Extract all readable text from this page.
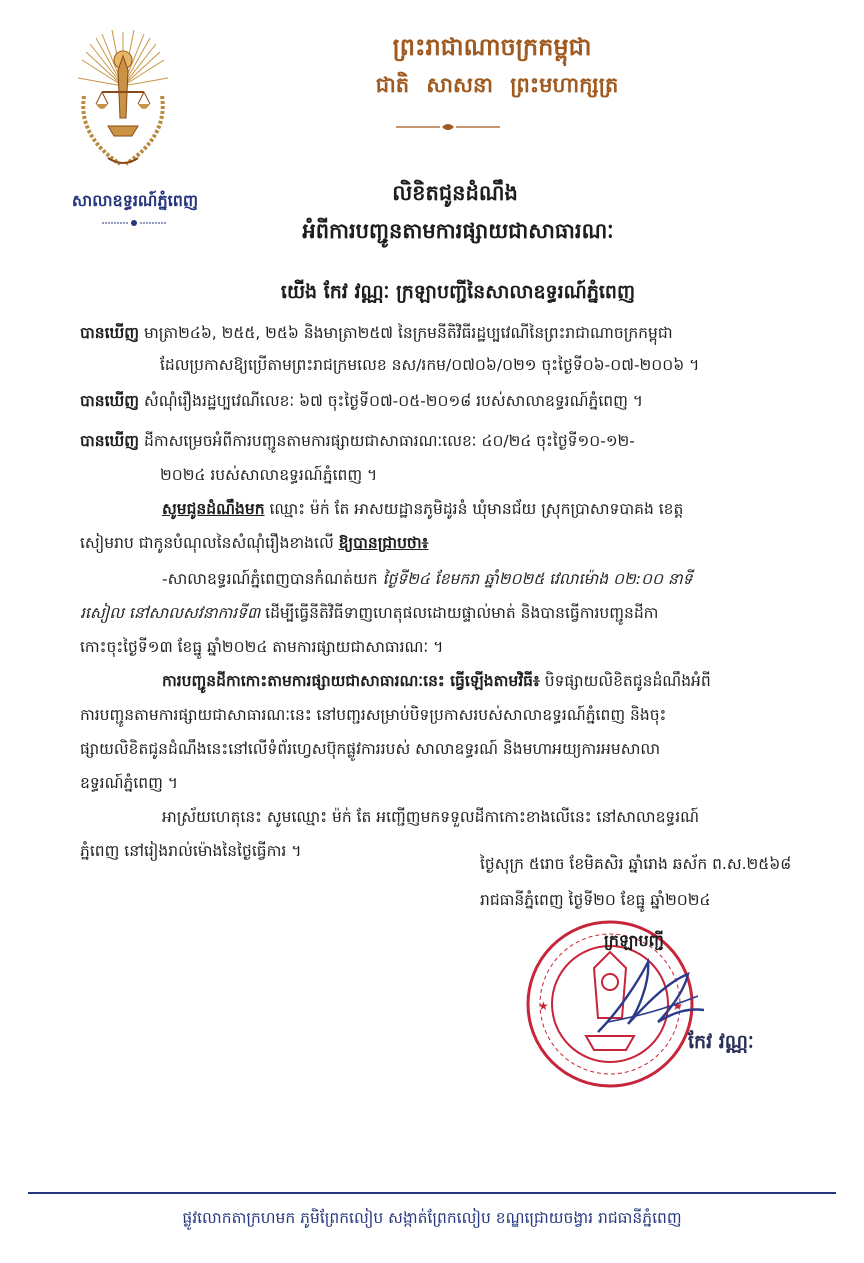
សាលាឧទ្ធរណ៍ភ្នំពេញ
ព្រះរាជាណាចក្រកម្ពុជា
ជាតិ សាសនា ព្រះមហាក្សត្រ
លិខិតជូនដំណឹង
អំពីការបញ្ជូនតាមការផ្សាយជាសាធារណៈ
យើង កែវ វណ្ណៈ ក្រឡាបញ្ជីនៃសាលាឧទ្ធរណ៍ភ្នំពេញ
បានឃើញ មាត្រា២៤៦, ២៥៥, ២៥៦ និងមាត្រា២៥៧ នៃក្រមនីតិវិធីរដ្ឋប្បវេណីនៃព្រះរាជាណាចក្រកម្ពុជា
ដែលប្រកាសឱ្យប្រើតាមព្រះរាជក្រមលេខ នស/រកម/០៧០៦/០២១ ចុះថ្ងៃទី០៦-០៧-២០០៦ ។
បានឃើញ សំណុំរឿងរដ្ឋប្បវេណីលេខៈ ៦៧ ចុះថ្ងៃទី០៧-០៥-២០១៨ របស់សាលាឧទ្ធរណ៍ភ្នំពេញ ។
បានឃើញ ដីកាសម្រេចអំពីការបញ្ជូនតាមការផ្សាយជាសាធារណៈលេខៈ ៤០/២៤ ចុះថ្ងៃទី១០-១២-
២០២៤ របស់សាលាឧទ្ធរណ៍ភ្នំពេញ ។
សូមជូនដំណឹងមក ឈ្មោះ ម៉ក់ តែ អាសយដ្ឋានភូមិដូរនំ ឃុំមានជ័យ ស្រុកប្រាសាទបាគង ខេត្ត
សៀមរាប ជាកូនបំណុលនៃសំណុំរឿងខាងលើ ឱ្យបានជ្រាបថា៖
-សាលាឧទ្ធរណ៍ភ្នំពេញបានកំណត់យក ថ្ងៃទី២៤ ខែមករា ឆ្នាំ២០២៥ វេលាម៉ោង ០២:០០ នាទី
រសៀល នៅសាលសវនាការទី៣ ដើម្បីធ្វើនីតិវិធីទាញហេតុផលដោយផ្ទាល់មាត់ និងបានធ្វើការបញ្ជូនដីកា
កោះចុះថ្ងៃទី១៣ ខែធ្នូ ឆ្នាំ២០២៤ តាមការផ្សាយជាសាធារណៈ ។
ការបញ្ជូនដីកាកោះតាមការផ្សាយជាសាធារណៈនេះ ធ្វើឡើងតាមវិធី៖ បិទផ្សាយលិខិតជូនដំណឹងអំពី
ការបញ្ជូនតាមការផ្សាយជាសាធារណៈនេះ នៅបញ្ជរសម្រាប់បិទប្រកាសរបស់សាលាឧទ្ធរណ៍ភ្នំពេញ និងចុះ
ផ្សាយលិខិតជូនដំណឹងនេះនៅលើទំព័រហ្វេសប៊ុកផ្លូវការរបស់ សាលាឧទ្ធរណ៍ និងមហាអយ្យការអមសាលា
ឧទ្ធរណ៍ភ្នំពេញ ។
អាស្រ័យហេតុនេះ សូមឈ្មោះ ម៉ក់ តែ អញ្ជើញមកទទួលដីកាកោះខាងលើនេះ នៅសាលាឧទ្ធរណ៍
ភ្នំពេញ នៅរៀងរាល់ម៉ោងនៃថ្ងៃធ្វើការ ។
ថ្ងៃសុក្រ ៥រោច ខែមិគសិរ ឆ្នាំរោង ឆស័ក ព.ស.២៥៦៨
រាជធានីភ្នំពេញ ថ្ងៃទី២០ ខែធ្នូ ឆ្នាំ២០២៤
★	★
ក្រឡាបញ្ជី
កែវ វណ្ណៈ
ផ្លូវលោកតាក្រហមក ភូមិព្រែកលៀប សង្កាត់ព្រែកលៀប ខណ្ឌជ្រោយចង្វារ រាជធានីភ្នំពេញ
